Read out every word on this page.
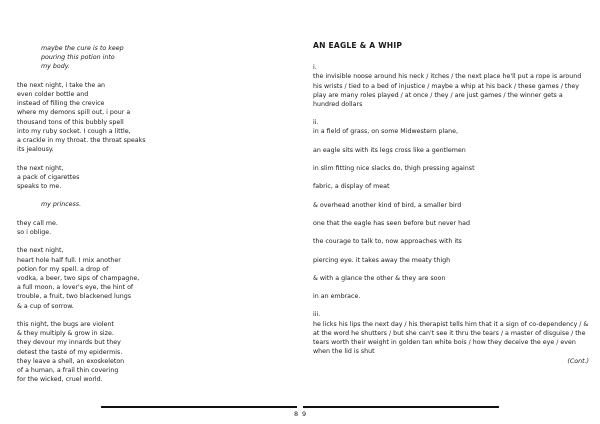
maybe the cure is to keep
pouring this potion into
my body.
the next night, i take the an
even colder bottle and
instead of filling the crevice
where my demons spill out, i pour a
thousand tons of this bubbly spell
into my ruby socket. I cough a little,
a crackle in my throat. the throat speaks
its jealousy.
the next night,
a pack of cigarettes
speaks to me.
my princess.
they call me.
so i oblige.
the next night,
heart hole half full. I mix another
potion for my spell. a drop of
vodka, a beer, two sips of champagne,
a full moon, a lover's eye, the hint of
trouble, a fruit, two blackened lungs
& a cup of sorrow.
this night, the bugs are violent
& they multiply & grow in size.
they devour my innards but they
detest the taste of my epidermis.
they leave a shell, an exoskeleton
of a human, a frail thin covering
for the wicked, cruel world.
AN EAGLE & A WHIP
i.
the invisible noose around his neck / itches / the next place he'll put a rope is around his wrists / tied to a bed of injustice / maybe a whip at his back / these games / they play are many roles played / at once / they / are just games / the winner gets a hundred dollars
ii.
in a field of grass, on some Midwestern plane,
an eagle sits with its legs cross like a gentlemen
in slim fitting nice slacks do, thigh pressing against
fabric, a display of meat
& overhead another kind of bird, a smaller bird
one that the eagle has seen before but never had
the courage to talk to, now approaches with its
piercing eye. it takes away the meaty thigh
& with a glance the other & they are soon
in an embrace.
iii.
he licks his lips the next day / his therapist tells him that it a sign of co-dependency / & at the word he shutters / but she can't see it thru the tears / a master of disguise / the tears worth their weight in golden tan white bois / how they deceive the eye / even when the lid is shut
(Cont.)
8 9
